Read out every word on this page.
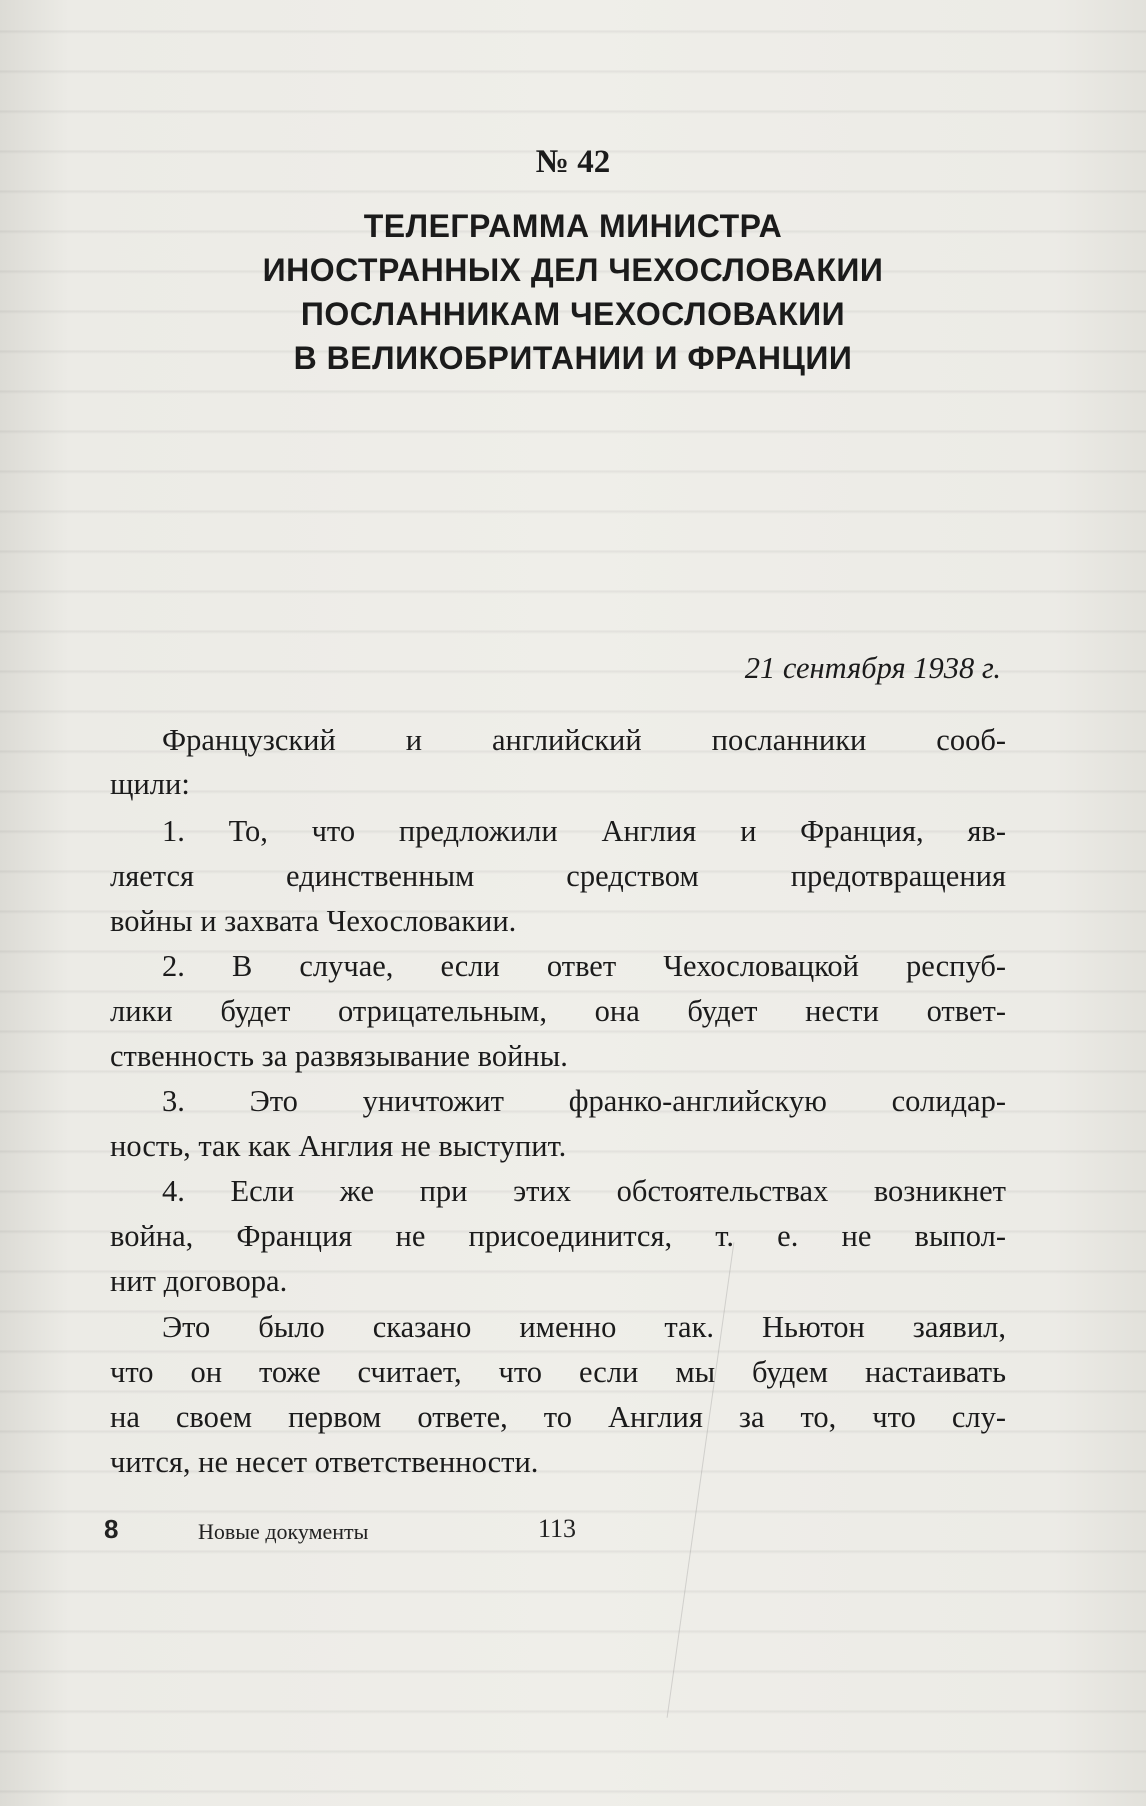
№ 42
ТЕЛЕГРАММА МИНИСТРА
ИНОСТРАННЫХ ДЕЛ ЧЕХОСЛОВАКИИ
ПОСЛАННИКАМ ЧЕХОСЛОВАКИИ
В ВЕЛИКОБРИТАНИИ И ФРАНЦИИ
21 сентября 1938 г.
Французский и английский посланники сооб-
щили:
1. То, что предложили Англия и Франция, яв-
ляется единственным средством предотвращения
войны и захвата Чехословакии.
2. В случае, если ответ Чехословацкой респуб-
лики будет отрицательным, она будет нести ответ-
ственность за развязывание войны.
3. Это уничтожит франко-английскую солидар-
ность, так как Англия не выступит.
4. Если же при этих обстоятельствах возникнет
война, Франция не присоединится, т. е. не выпол-
нит договора.
Это было сказано именно так. Ньютон заявил,
что он тоже считает, что если мы будем настаивать
на своем первом ответе, то Англия за то, что слу-
чится, не несет ответственности.
8	Новые документы	113
